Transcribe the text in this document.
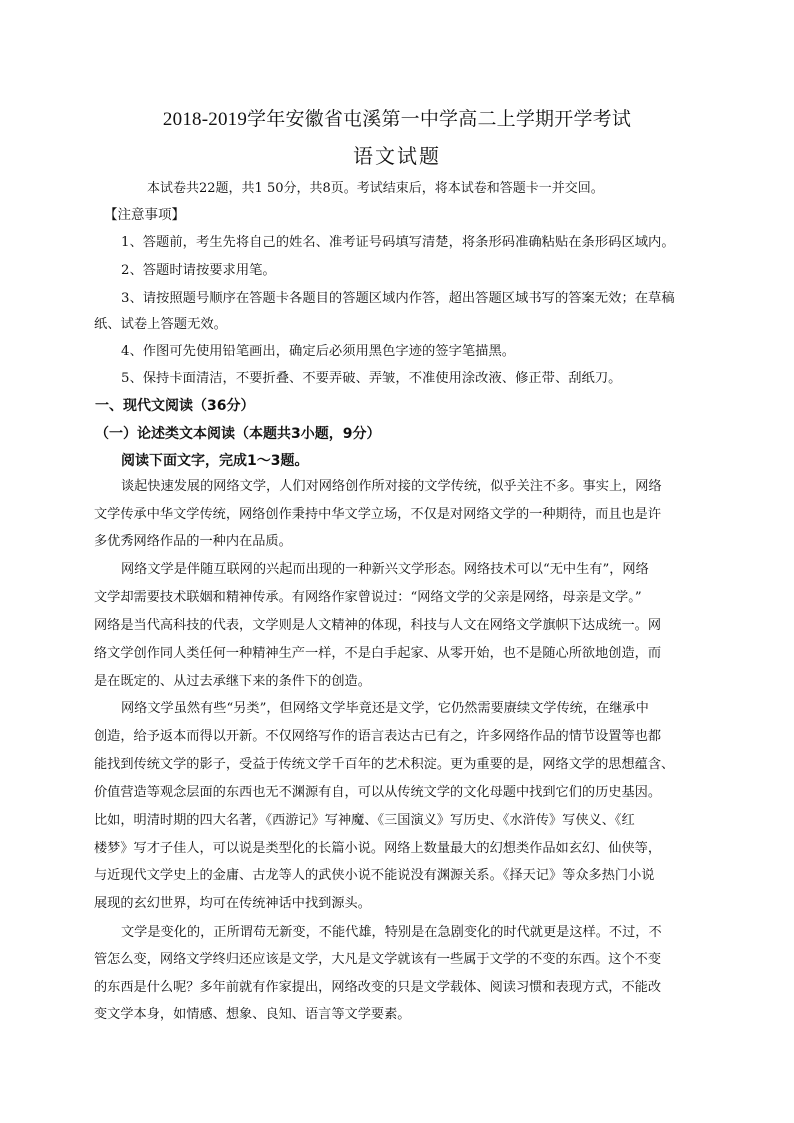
2018-2019学年安徽省屯溪第一中学高二上学期开学考试
语文试题
本试卷共22题，共1 50分，共8页。考试结束后，将本试卷和答题卡一并交回。
【注意事项】
1、答题前，考生先将自己的姓名、准考证号码填写清楚，将条形码准确粘贴在条形码区域内。
2、答题时请按要求用笔。
3、请按照题号顺序在答题卡各题目的答题区域内作答，超出答题区域书写的答案无效；在草稿
纸、试卷上答题无效。
4、作图可先使用铅笔画出，确定后必须用黑色字迹的签字笔描黑。
5、保持卡面清洁，不要折叠、不要弄破、弄皱，不准使用涂改液、修正带、刮纸刀。
一、现代文阅读（36分）
（一）论述类文本阅读（本题共3小题，9分）
阅读下面文字，完成1～3题。
谈起快速发展的网络文学，人们对网络创作所对接的文学传统，似乎关注不多。事实上，网络
文学传承中华文学传统，网络创作秉持中华文学立场，不仅是对网络文学的一种期待，而且也是许
多优秀网络作品的一种内在品质。
网络文学是伴随互联网的兴起而出现的一种新兴文学形态。网络技术可以“无中生有”，网络
文学却需要技术联姻和精神传承。有网络作家曾说过：“网络文学的父亲是网络，母亲是文学。”
网络是当代高科技的代表，文学则是人文精神的体现，科技与人文在网络文学旗帜下达成统一。网
络文学创作同人类任何一种精神生产一样，不是白手起家、从零开始，也不是随心所欲地创造，而
是在既定的、从过去承继下来的条件下的创造。
网络文学虽然有些“另类”，但网络文学毕竟还是文学，它仍然需要赓续文学传统，在继承中
创造，给予返本而得以开新。不仅网络写作的语言表达古已有之，许多网络作品的情节设置等也都
能找到传统文学的影子，受益于传统文学千百年的艺术积淀。更为重要的是，网络文学的思想蕴含、
价值营造等观念层面的东西也无不渊源有自，可以从传统文学的文化母题中找到它们的历史基因。
比如，明清时期的四大名著，《西游记》写神魔、《三国演义》写历史、《水浒传》写侠义、《红
楼梦》写才子佳人，可以说是类型化的长篇小说。网络上数量最大的幻想类作品如玄幻、仙侠等，
与近现代文学史上的金庸、古龙等人的武侠小说不能说没有渊源关系。《择天记》等众多热门小说
展现的玄幻世界，均可在传统神话中找到源头。
文学是变化的，正所谓苟无新变，不能代雄，特别是在急剧变化的时代就更是这样。不过，不
管怎么变，网络文学终归还应该是文学，大凡是文学就该有一些属于文学的不变的东西。这个不变
的东西是什么呢？多年前就有作家提出，网络改变的只是文学载体、阅读习惯和表现方式，不能改
变文学本身，如情感、想象、良知、语言等文学要素。
